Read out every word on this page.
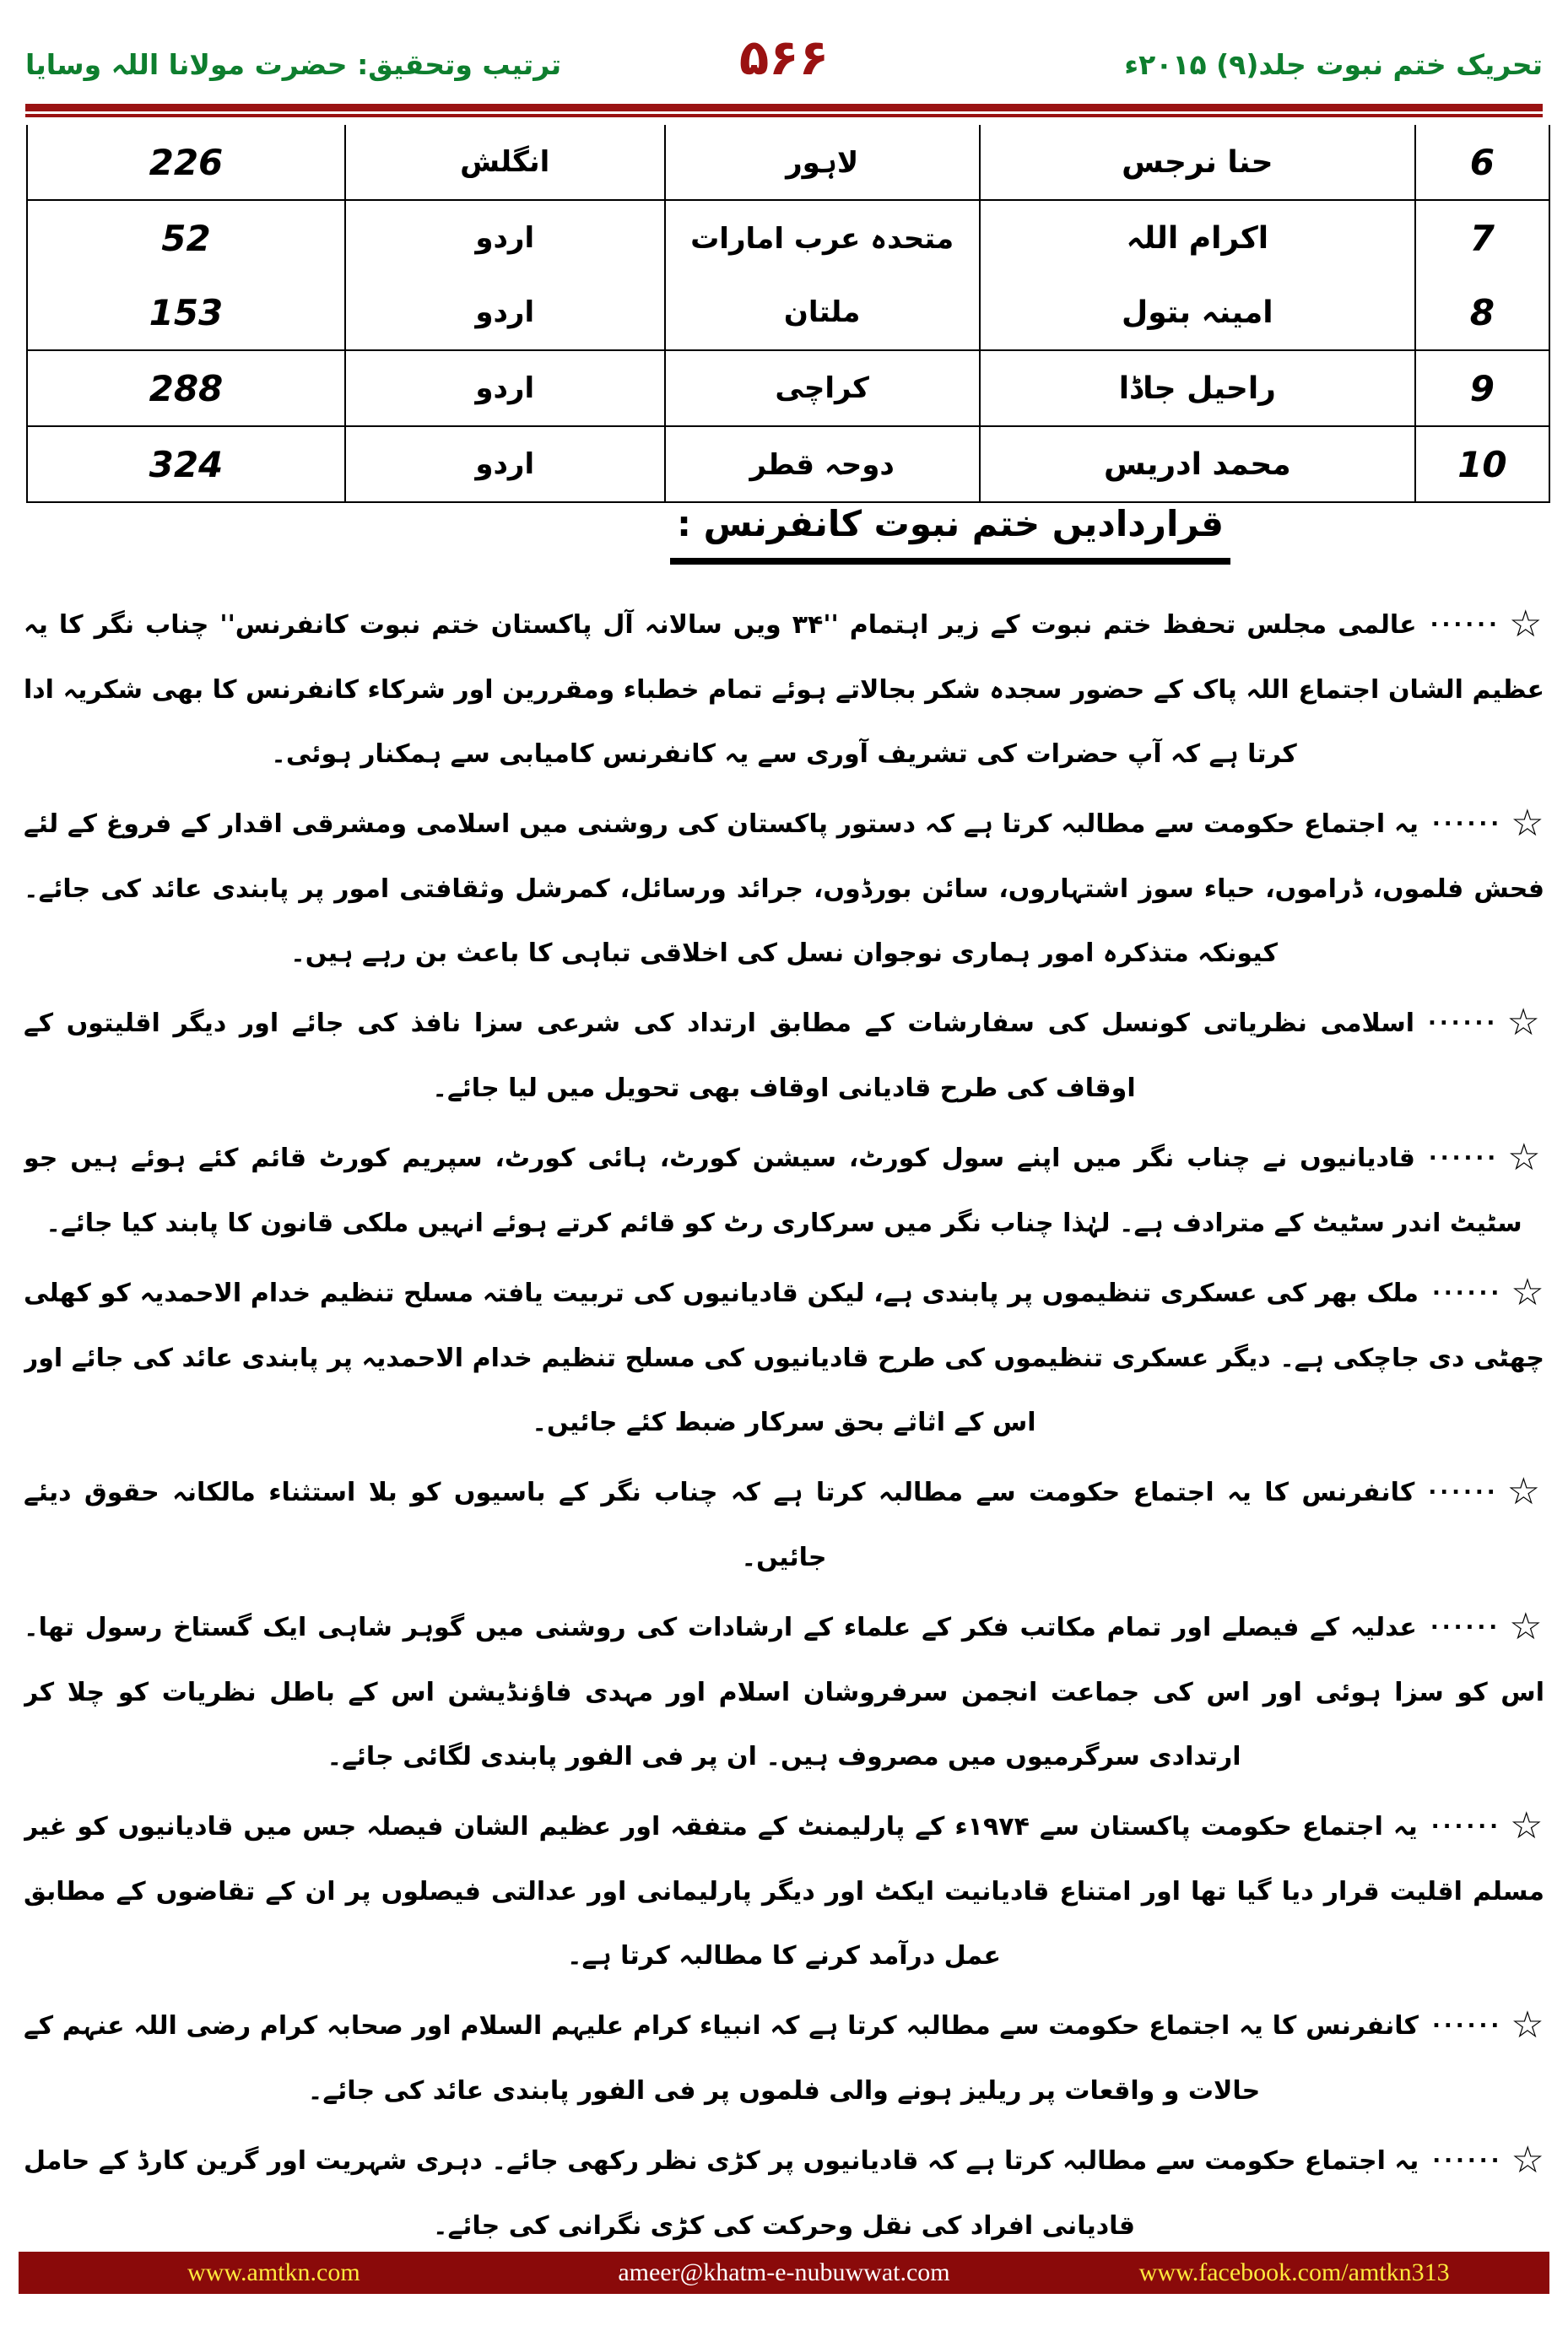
ترتیب وتحقیق: حضرت مولانا اللہ وسایا	۵۶۶	تحریک ختم نبوت جلد(۹) ۲۰۱۵ء
6	حنا نرجس	لاہور	انگلش	226
7	اکرام اللہ	متحدہ عرب امارات	اردو	52
8	امینہ بتول	ملتان	اردو	153
9	راحیل جاڈا	کراچی	اردو	288
10	محمد ادریس	دوحہ قطر	اردو	324
قراردادیں ختم نبوت کانفرنس :

☆......عالمی مجلس تحفظ ختم نبوت کے زیر اہتمام ''۳۴ ویں سالانہ آل پاکستان ختم نبوت کانفرنس'' چناب نگر کا یہ عظیم الشان اجتماع اللہ پاک کے حضور سجدہ شکر بجالاتے ہوئے تمام خطباء ومقررین اور شرکاء کانفرنس کا بھی شکریہ ادا کرتا ہے کہ آپ حضرات کی تشریف آوری سے یہ کانفرنس کامیابی سے ہمکنار ہوئی۔

☆......یہ اجتماع حکومت سے مطالبہ کرتا ہے کہ دستور پاکستان کی روشنی میں اسلامی ومشرقی اقدار کے فروغ کے لئے فحش فلموں، ڈراموں، حیاء سوز اشتہاروں، سائن بورڈوں، جرائد ورسائل، کمرشل وثقافتی امور پر پابندی عائد کی جائے۔ کیونکہ متذکرہ امور ہماری نوجوان نسل کی اخلاقی تباہی کا باعث بن رہے ہیں۔

☆......اسلامی نظریاتی کونسل کی سفارشات کے مطابق ارتداد کی شرعی سزا نافذ کی جائے اور دیگر اقلیتوں کے اوقاف کی طرح قادیانی اوقاف بھی تحویل میں لیا جائے۔

☆......قادیانیوں نے چناب نگر میں اپنے سول کورٹ، سیشن کورٹ، ہائی کورٹ، سپریم کورٹ قائم کئے ہوئے ہیں جو سٹیٹ اندر سٹیٹ کے مترادف ہے۔ لہٰذا چناب نگر میں سرکاری رٹ کو قائم کرتے ہوئے انہیں ملکی قانون کا پابند کیا جائے۔

☆......ملک بھر کی عسکری تنظیموں پر پابندی ہے، لیکن قادیانیوں کی تربیت یافتہ مسلح تنظیم خدام الاحمدیہ کو کھلی چھٹی دی جاچکی ہے۔ دیگر عسکری تنظیموں کی طرح قادیانیوں کی مسلح تنظیم خدام الاحمدیہ پر پابندی عائد کی جائے اور اس کے اثاثے بحق سرکار ضبط کئے جائیں۔

☆......کانفرنس کا یہ اجتماع حکومت سے مطالبہ کرتا ہے کہ چناب نگر کے باسیوں کو بلا استثناء مالکانہ حقوق دیئے جائیں۔

☆......عدلیہ کے فیصلے اور تمام مکاتب فکر کے علماء کے ارشادات کی روشنی میں گوہر شاہی ایک گستاخ رسول تھا۔ اس کو سزا ہوئی اور اس کی جماعت انجمن سرفروشان اسلام اور مہدی فاؤنڈیشن اس کے باطل نظریات کو چلا کر ارتدادی سرگرمیوں میں مصروف ہیں۔ ان پر فی الفور پابندی لگائی جائے۔

☆......یہ اجتماع حکومت پاکستان سے ۱۹۷۴ء کے پارلیمنٹ کے متفقہ اور عظیم الشان فیصلہ جس میں قادیانیوں کو غیر مسلم اقلیت قرار دیا گیا تھا اور امتناع قادیانیت ایکٹ اور دیگر پارلیمانی اور عدالتی فیصلوں پر ان کے تقاضوں کے مطابق عمل درآمد کرنے کا مطالبہ کرتا ہے۔

☆......کانفرنس کا یہ اجتماع حکومت سے مطالبہ کرتا ہے کہ انبیاء کرام علیہم السلام اور صحابہ کرام رضی اللہ عنہم کے حالات و واقعات پر ریلیز ہونے والی فلموں پر فی الفور پابندی عائد کی جائے۔

☆......یہ اجتماع حکومت سے مطالبہ کرتا ہے کہ قادیانیوں پر کڑی نظر رکھی جائے۔ دہری شہریت اور گرین کارڈ کے حامل قادیانی افراد کی نقل وحرکت کی کڑی نگرانی کی جائے۔

www.amtkn.com	ameer@khatm-e-nubuwwat.com	www.facebook.com/amtkn313
